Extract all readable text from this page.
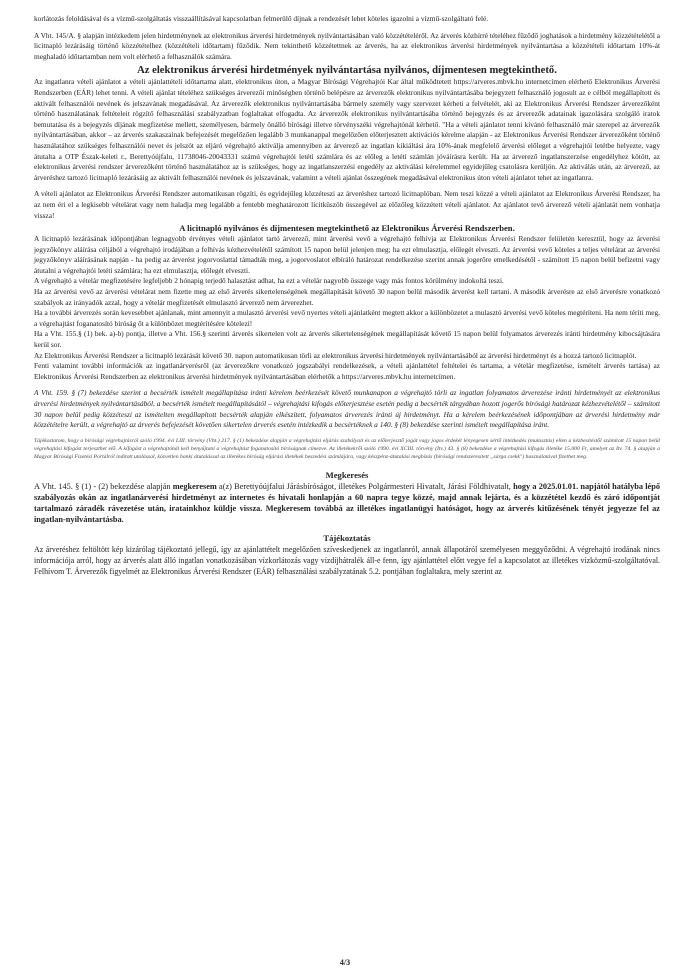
korlátozás feloldásával és a vízmű-szolgáltatás visszaállításával kapcsolatban felmerülő díjnak a rendezését lehet köteles igazolni a vízmű-szolgáltató felé.

A Vht. 145/A. § alapján intézkedem jelen hirdetménynek az elektronikus árverési hirdetmények nyilvántartásában való közzétételéről. Az árverés közhírré tételéhez fűződő joghatások a hirdetmény közzétételétől a licitnapló lezárásáig történő közzétételhez (közzétételi időtartam) fűződik. Nem tekinthető közzétettnek az árverés, ha az elektronikus árverési hirdetmények nyilvántartása a közzétételi időtartam 10%-át meghaladó időtartamban nem volt elérhető a felhasználók számára.

Az elektronikus árverési hirdetmények nyilvántartása nyilvános, díjmentesen megtekinthető.

Az ingatlanra vételi ajánlatot a vételi ajánlattételi időtartama alatt, elektronikus úton, a Magyar Bírósági Végrehajtói Kar által működtetett https://arveres.mbvk.hu internetcímen elérhető Elektronikus Árverési Rendszerben (EÁR) lehet tenni. A vételi ajánlat tételéhez szükséges árverezői minőségben történő belépésre az árverezők elektronikus nyilvántartásába bejegyzett felhasználó jogosult az e célból megállapított és aktivált felhasználói nevének és jelszavának megadásával. Az árverezők elektronikus nyilvántartásába bármely személy vagy szervezet kérheti a felvételét, aki az Elektronikus Árverési Rendszer árverezőként történő használatának feltételeit rögzítő felhasználási szabályzatban foglaltakat elfogadta. Az árverezők elektronikus nyilvántartásába történő bejegyzés és az árverezők adatainak igazolására szolgáló iratok bemutatása és a bejegyzés díjának megfizetése mellett, személyesen, bármely önálló bírósági illetve törvényszéki végrehajtónál kérhető. "Ha a vételi ajánlatot tenni kívánó felhasználó már szerepel az árverezők nyilvántartásában, akkor – az árverés szakaszainak befejezését megelőzően legalább 3 munkanappal megelőzően előterjesztett aktivációs kérelme alapján - az Elektronikus Árverési Rendszer árverezőként történő használatához szükséges felhasználói nevet és jelszót az eljáró végrehajtó aktiválja amennyiben az árverező az ingatlan kikiáltási ára 10%-ának megfelelő árverési előleget a végrehajtói letétbe helyezte, vagy átutalta a OTP Észak-keleti r., Berettyóújfalu, 11738046-20043331 számú végrehajtói letéti számlára és az előleg a letéti számlán jóváírásra került. Ha az árverező ingatlanszerzése engedélyhez kötött, az elektronikus árverési rendszer árverezőként történő használatához az is szükséges, hogy az ingatlanszerzési engedély az aktiválási kérelemmel egyidejűleg csatolásra kerüljön. Az aktiválás után, az árverező, az árveréshez tartozó licitnapló lezárásáig az aktivált felhasználói nevének és jelszavának, valamint a vételi ajánlat összegének megadásával elektronikus úton vételi ajánlatot tehet az ingatlanra.

A vételi ajánlatot az Elektronikus Árverési Rendszer automatikusan rögzíti, és egyidejűleg közzéteszi az árveréshez tartozó licitnaplóban. Nem teszi közzé a vételi ajánlatot az Elektronikus Árverési Rendszer, ha az nem éri el a legkisebb vételárat vagy nem haladja meg legalább a fentebb meghatározott licitküszöb összegével az előzőleg közzétett vételi ajánlatot. Az ajánlatot tevő árverező vételi ajánlatát nem vonhatja vissza!

A licitnapló nyilvános és díjmentesen megtekinthető az Elektronikus Árverési Rendszerben.

A licitnapló lezárásának időpontjában legnagyobb érvényes vételi ajánlatot tartó árverező, mint árverési vevő a végrehajtó felhívja az Elektronikus Árverési Rendszer felületén keresztül, hogy az árverési jegyzőkönyv aláírása céljából a végrehajtó irodájában a felhívás kézhezvételétől számított 15 napon belül jelenjen meg; ha ezt elmulasztja, előlegét elveszti. Az árverési vevő köteles a teljes vételárat az árverési jegyzőkönyv aláírásának napján - ha pedig az árverést jogorvoslattal támadták meg, a jogorvoslatot elbíráló határozat rendelkezése szerint annak jogerőre emelkedésétől - számított 15 napon belül befizetni vagy átutalni a végrehajtói letéti számlára; ha ezt elmulasztja, előlegét elveszti.

A végrehajtó a vételár megfizetésére legfeljebb 2 hónapig terjedő halasztást adhat, ha ezt a vételár nagyobb összege vagy más fontos körülmény indokoltá teszi.

Ha az árverési vevő az árverési vételárat nem fizette meg az első árverés sikertelenségének megállapítását követő 30 napon belül második árverést kell tartani. A második árverésre az első árverésre vonatkozó szabályok az irányadók azzal, hogy a vételár megfizetését elmulasztó árverező nem árverezhet.

Ha a további árverezés során kevesebbet ajánlanak, mint amennyit a mulasztó árverési vevő nyertes vételi ajánlatként megtett akkor a különbözetet a mulasztó árverési vevő köteles megtéríteni. Ha nem téríti meg, a végrehajtást foganatosító bíróság őt a különbözet megtérítésére kötelezi!

Ha a Vht. 155.§ (1) bek. a)-b) pontja, illetve a Vht. 156.§ szerinti árverés sikertelen volt az árverés sikertelenségének megállapítását követő 15 napon belül folyamatos árverezés iránti hirdetmény kibocsájtására kerül sor.

Az Elektronikus Árverési Rendszer a licitnapló lezárását követő 30. napon automatikusan törli az elektronikus árverési hirdetmények nyilvántartásából az árverési hirdetményt és a hozzá tartozó licitnaplót.

Fenti valamint további információk az ingatlanárverésről (az árverezőkre vonatkozó jogszabályi rendelkezések, a vételi ajánlattétel feltételei és tartama, a vételár megfizetése, ismételt árverés tartása) az Elektronikus Árverési Rendszerben az elektronikus árverési hirdetmények nyilvántartásában elérhetők a https://arveres.mbvk.hu internetcímen.

A Vht. 159. § (7) bekezdése szerint a becsérték ismételt megállapítása iránti kérelem beérkezését követő munkanapon a végrehajtó törli az ingatlan folyamatos árverezése iránti hirdetményét az elektronikus árverési hirdetmények nyilvántartásából, a becsérték ismételt megállapításától – végrehajtási kifogás előterjesztése esetén pedig a becsérték tárgyában hozott jogerős bírósági határozat kézhezvételétől – számított 30 napon belül pedig közzéteszi az ismételten megállapított becsérték alapján elkészített, folyamatos árverezés iránti új hirdetményt. Ha a kérelem beérkezésének időpontjában az árverési hirdetmény már közzétételre került, a végrehajtó az árverés befejezését követően sikertelen árverés esetén intézkedik a becsértéknek a 140. § (8) bekezdése szerinti ismételt megállapítása iránt.

Tájékoztatom, hogy a bírósági végrehajtásról szóló 1994. évi LIII. törvény (Vht.) 217. § (1) bekezdése alapján a végrehajtási eljárás szabályait és az előterjesztő jogát vagy jogos érdekét lényegesen sértő intézkedés (mulasztás) ellen a kézbesítéstől számított 15 napon belül végrehajtási kifogást terjeszthet elő. A kifogást a végrehajtónál kell benyújtani a végrehajtást foganatosító bíróságnak címezve. Az illetékekről szóló 1990. évi XCIII. törvény (Itv.) 43. § (8) bekezdése a végrehajtási kifogás illetéke 15.000 Ft, amelyet az Itv. 74. § alapján a Magyar Bírósági Fizetési Portálról indított utalással, közvetlen banki átutalással az illetékes bíróság eljárási illetékek beszedési számlájára, vagy készpénz-átutalási megbízás (bírósági rendszeresített „sárga csekk") használatával fizethet meg.

Megkeresés

A Vht. 145. § (1) - (2) bekezdése alapján megkeresem a(z) Berettyóújfalui Járásbíróságot, illetékes Polgármesteri Hivatalt, Járási Földhivatalt, hogy a 2025.01.01. napjától hatályba lépő szabályozás okán az ingatlanárverési hirdetményt az internetes és hivatali honlapján a 60 napra tegye közzé, majd annak lejárta, és a közzététel kezdő és záró időpontját tartalmazó záradék rávezetése után, iratainkhoz küldje vissza. Megkeresem továbbá az illetékes ingatlanügyi hatóságot, hogy az árverés kitűzésének tényét jegyezze fel az ingatlan-nyilvántartásba.

Tájékoztatás

Az árveréshez feltöltött kép kizárólag tájékoztató jellegű, így az ajánlattételt megelőzően szíveskedjenek az ingatlanról, annak állapotáról személyesen meggyőződni. A végrehajtó irodának nincs információja arról, hogy az árverés alatt álló ingatlan vonatkozásában vízkorlátozás vagy vízdíjhátralék áll-e fenn, így ajánlattétel előtt vegye fel a kapcsolatot az illetékes vízközmű-szolgáltatóval. Felhívom T. Árverezők figyelmét az Elektronikus Árverési Rendszer (EÁR) felhasználási szabályzatának 5.2. pontjában foglaltakra, mely szerint az

4/3
